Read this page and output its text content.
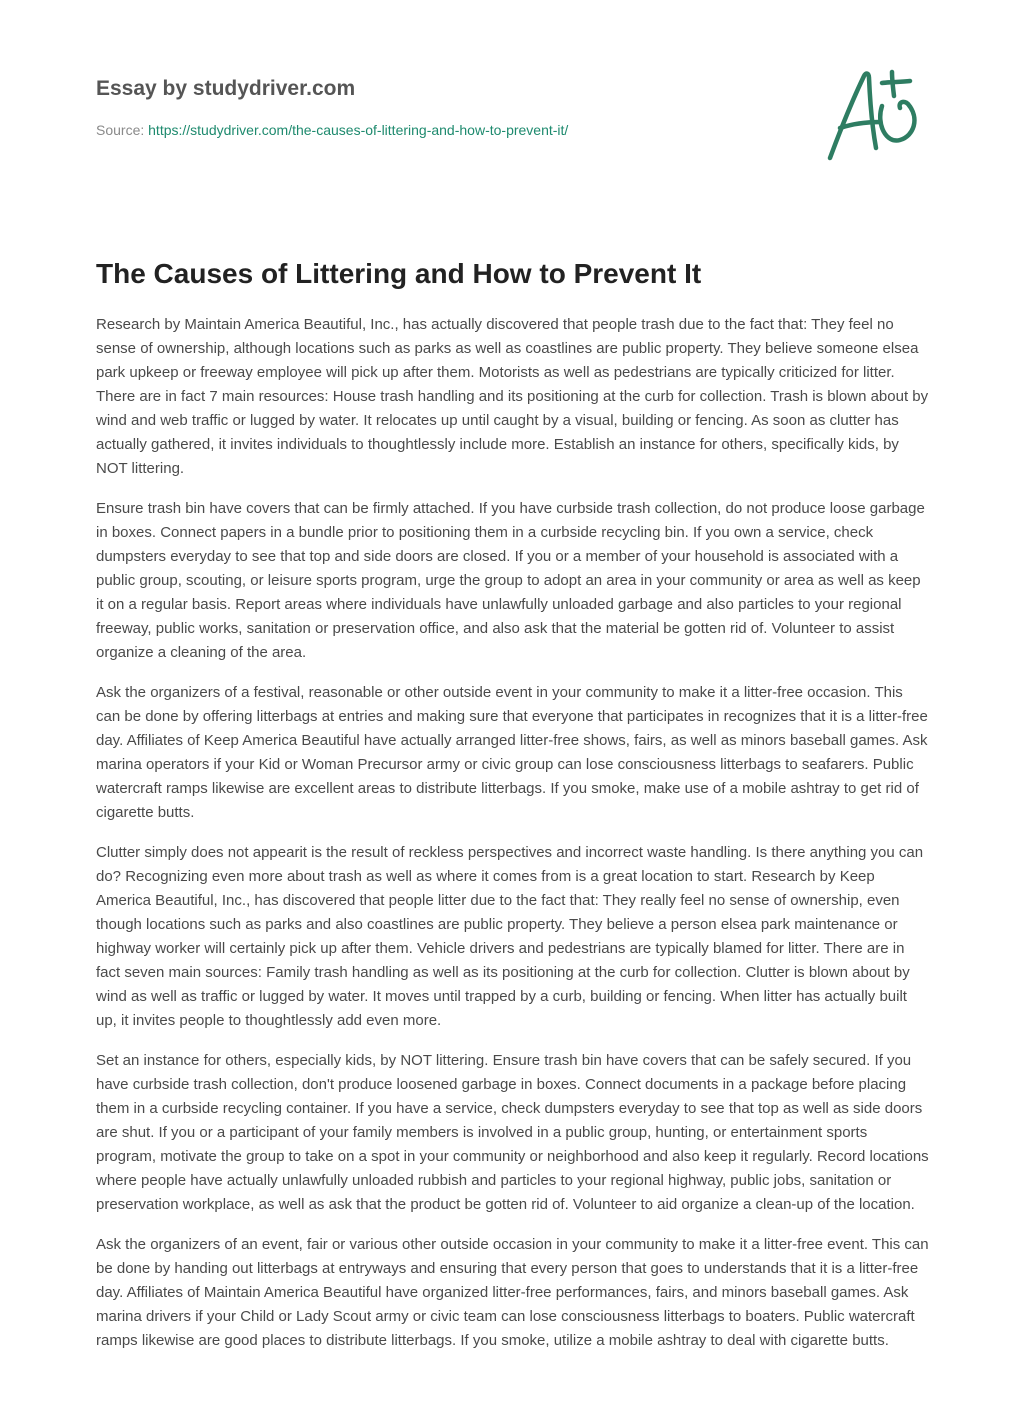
Essay by studydriver.com
Source: https://studydriver.com/the-causes-of-littering-and-how-to-prevent-it/
The Causes of Littering and How to Prevent It

Research by Maintain America Beautiful, Inc., has actually discovered that people trash due to the fact that: They feel no sense of ownership, although locations such as parks as well as coastlines are public property. They believe someone elsea park upkeep or freeway employee will pick up after them. Motorists as well as pedestrians are typically criticized for litter. There are in fact 7 main resources: House trash handling and its positioning at the curb for collection. Trash is blown about by wind and web traffic or lugged by water. It relocates up until caught by a visual, building or fencing. As soon as clutter has actually gathered, it invites individuals to thoughtlessly include more. Establish an instance for others, specifically kids, by NOT littering.

Ensure trash bin have covers that can be firmly attached. If you have curbside trash collection, do not produce loose garbage in boxes. Connect papers in a bundle prior to positioning them in a curbside recycling bin. If you own a service, check dumpsters everyday to see that top and side doors are closed. If you or a member of your household is associated with a public group, scouting, or leisure sports program, urge the group to adopt an area in your community or area as well as keep it on a regular basis. Report areas where individuals have unlawfully unloaded garbage and also particles to your regional freeway, public works, sanitation or preservation office, and also ask that the material be gotten rid of. Volunteer to assist organize a cleaning of the area.

Ask the organizers of a festival, reasonable or other outside event in your community to make it a litter-free occasion. This can be done by offering litterbags at entries and making sure that everyone that participates in recognizes that it is a litter-free day. Affiliates of Keep America Beautiful have actually arranged litter-free shows, fairs, as well as minors baseball games. Ask marina operators if your Kid or Woman Precursor army or civic group can lose consciousness litterbags to seafarers. Public watercraft ramps likewise are excellent areas to distribute litterbags. If you smoke, make use of a mobile ashtray to get rid of cigarette butts.

Clutter simply does not appearit is the result of reckless perspectives and incorrect waste handling. Is there anything you can do? Recognizing even more about trash as well as where it comes from is a great location to start. Research by Keep America Beautiful, Inc., has discovered that people litter due to the fact that: They really feel no sense of ownership, even though locations such as parks and also coastlines are public property. They believe a person elsea park maintenance or highway worker will certainly pick up after them. Vehicle drivers and pedestrians are typically blamed for litter. There are in fact seven main sources: Family trash handling as well as its positioning at the curb for collection. Clutter is blown about by wind as well as traffic or lugged by water. It moves until trapped by a curb, building or fencing. When litter has actually built up, it invites people to thoughtlessly add even more.

Set an instance for others, especially kids, by NOT littering. Ensure trash bin have covers that can be safely secured. If you have curbside trash collection, don't produce loosened garbage in boxes. Connect documents in a package before placing them in a curbside recycling container. If you have a service, check dumpsters everyday to see that top as well as side doors are shut. If you or a participant of your family members is involved in a public group, hunting, or entertainment sports program, motivate the group to take on a spot in your community or neighborhood and also keep it regularly. Record locations where people have actually unlawfully unloaded rubbish and particles to your regional highway, public jobs, sanitation or preservation workplace, as well as ask that the product be gotten rid of. Volunteer to aid organize a clean-up of the location.

Ask the organizers of an event, fair or various other outside occasion in your community to make it a litter-free event. This can be done by handing out litterbags at entryways and ensuring that every person that goes to understands that it is a litter-free day. Affiliates of Maintain America Beautiful have organized litter-free performances, fairs, and minors baseball games. Ask marina drivers if your Child or Lady Scout army or civic team can lose consciousness litterbags to boaters. Public watercraft ramps likewise are good places to distribute litterbags. If you smoke, utilize a mobile ashtray to deal with cigarette butts.
